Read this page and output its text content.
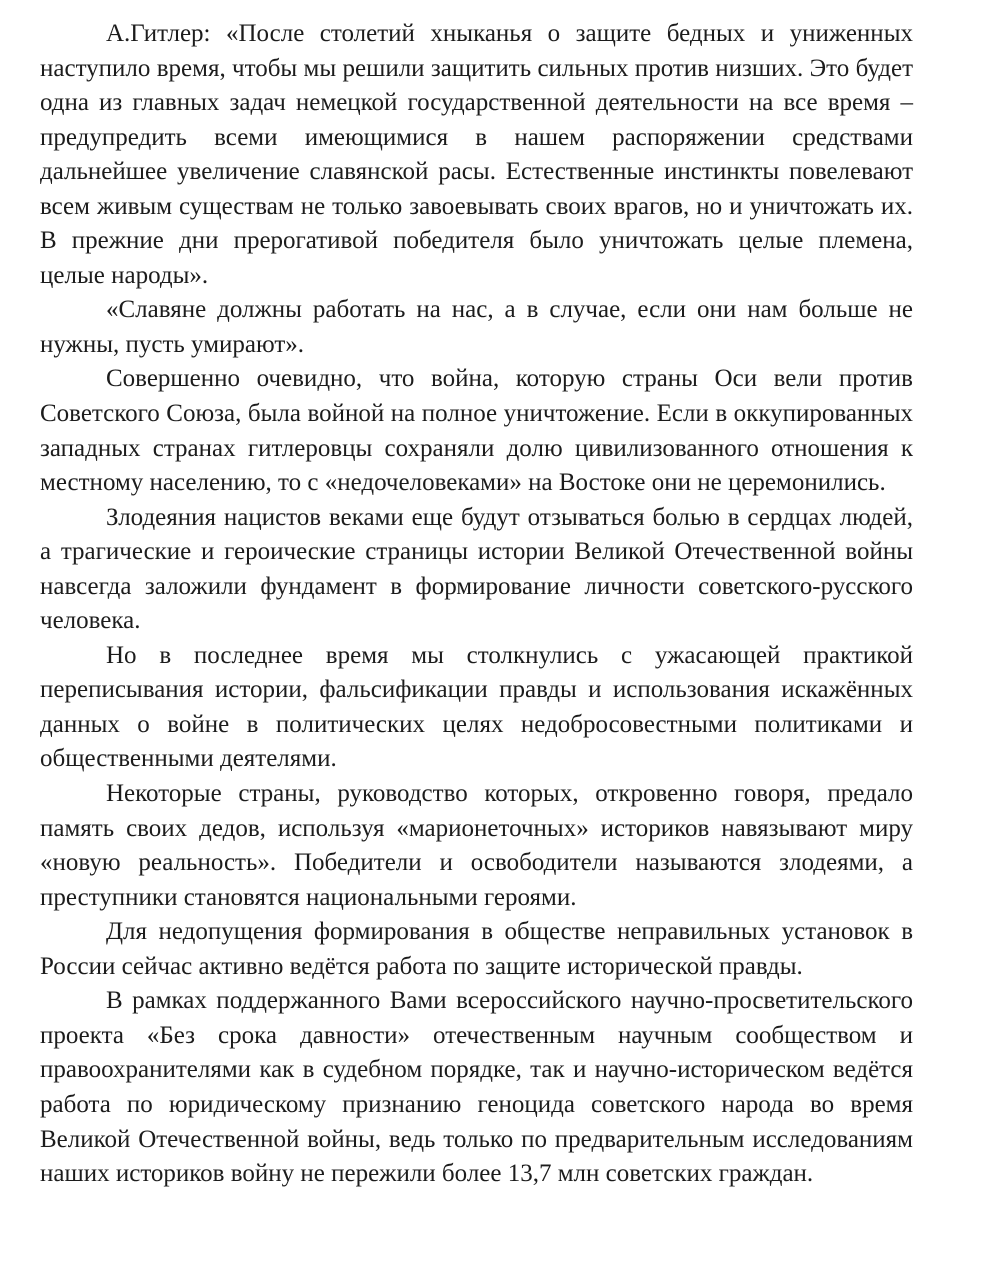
А.Гитлер: «После столетий хныканья о защите бедных и униженных наступило время, чтобы мы решили защитить сильных против низших. Это будет одна из главных задач немецкой государственной деятельности на все время – предупредить всеми имеющимися в нашем распоряжении средствами дальнейшее увеличение славянской расы. Естественные инстинкты повелевают всем живым существам не только завоевывать своих врагов, но и уничтожать их. В прежние дни прерогативой победителя было уничтожать целые племена, целые народы».

«Славяне должны работать на нас, а в случае, если они нам больше не нужны, пусть умирают».

Совершенно очевидно, что война, которую страны Оси вели против Советского Союза, была войной на полное уничтожение. Если в оккупированных западных странах гитлеровцы сохраняли долю цивилизованного отношения к местному населению, то с «недочеловеками» на Востоке они не церемонились.

Злодеяния нацистов веками еще будут отзываться болью в сердцах людей, а трагические и героические страницы истории Великой Отечественной войны навсегда заложили фундамент в формирование личности советского-русского человека.

Но в последнее время мы столкнулись с ужасающей практикой переписывания истории, фальсификации правды и использования искажённых данных о войне в политических целях недобросовестными политиками и общественными деятелями.

Некоторые страны, руководство которых, откровенно говоря, предало память своих дедов, используя «марионеточных» историков навязывают миру «новую реальность». Победители и освободители называются злодеями, а преступники становятся национальными героями.

Для недопущения формирования в обществе неправильных установок в России сейчас активно ведётся работа по защите исторической правды.

В рамках поддержанного Вами всероссийского научно-просветительского проекта «Без срока давности» отечественным научным сообществом и правоохранителями как в судебном порядке, так и научно-историческом ведётся работа по юридическому признанию геноцида советского народа во время Великой Отечественной войны, ведь только по предварительным исследованиям наших историков войну не пережили более 13,7 млн советских граждан.
